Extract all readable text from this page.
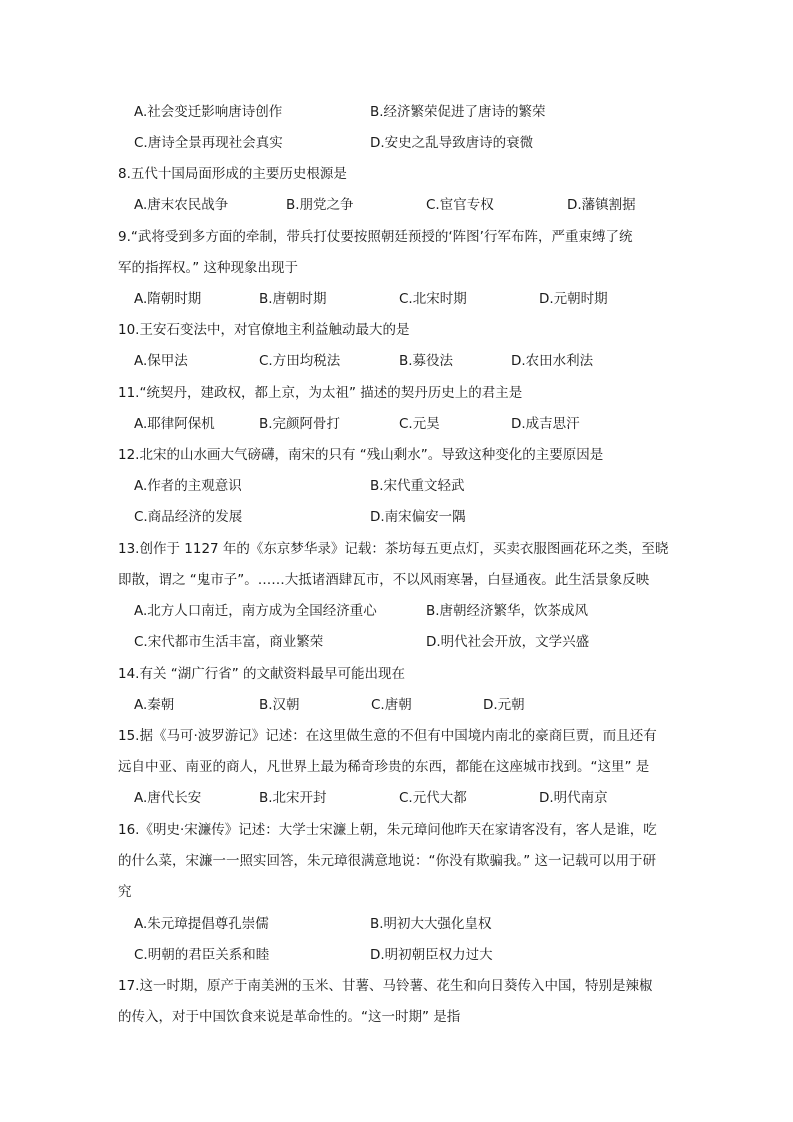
A.社会变迁影响唐诗创作	B.经济繁荣促进了唐诗的繁荣
C.唐诗全景再现社会真实	D.安史之乱导致唐诗的衰微
8.五代十国局面形成的主要历史根源是
A.唐末农民战争	B.朋党之争	C.宦官专权	D.藩镇割据
9.“武将受到多方面的牵制，带兵打仗要按照朝廷预授的‘阵图’行军布阵，严重束缚了统
军的指挥权。” 这种现象出现于
A.隋朝时期	B.唐朝时期	C.北宋时期	D.元朝时期
10.王安石变法中，对官僚地主利益触动最大的是
A.保甲法	C.方田均税法	B.募役法	D.农田水利法
11.“统契丹，建政权，都上京，为太祖” 描述的契丹历史上的君主是
A.耶律阿保机	B.完颜阿骨打	C.元昊	D.成吉思汗
12.北宋的山水画大气磅礴，南宋的只有 “残山剩水”。导致这种变化的主要原因是
A.作者的主观意识	B.宋代重文轻武
C.商品经济的发展	D.南宋偏安一隅
13.创作于 1127 年的《东京梦华录》记载：茶坊每五更点灯，买卖衣服图画花环之类，至晓
即散，谓之 “鬼市子”。……大抵诸酒肆瓦市，不以风雨寒暑，白昼通夜。此生活景象反映
A.北方人口南迁，南方成为全国经济重心	B.唐朝经济繁华，饮茶成风
C.宋代都市生活丰富，商业繁荣	D.明代社会开放，文学兴盛
14.有关 “湖广行省” 的文献资料最早可能出现在
A.秦朝	B.汉朝	C.唐朝	D.元朝
15.据《马可·波罗游记》记述：在这里做生意的不但有中国境内南北的豪商巨贾，而且还有
远自中亚、南亚的商人，凡世界上最为稀奇珍贵的东西，都能在这座城市找到。“这里” 是
A.唐代长安	B.北宋开封	C.元代大都	D.明代南京
16.《明史·宋濂传》记述：大学士宋濂上朝，朱元璋问他昨天在家请客没有，客人是谁，吃
的什么菜，宋濂一一照实回答，朱元璋很满意地说：“你没有欺骗我。” 这一记载可以用于研
究
A.朱元璋提倡尊孔崇儒	B.明初大大强化皇权
C.明朝的君臣关系和睦	D.明初朝臣权力过大
17.这一时期，原产于南美洲的玉米、甘薯、马铃薯、花生和向日葵传入中国，特别是辣椒
的传入，对于中国饮食来说是革命性的。“这一时期” 是指
